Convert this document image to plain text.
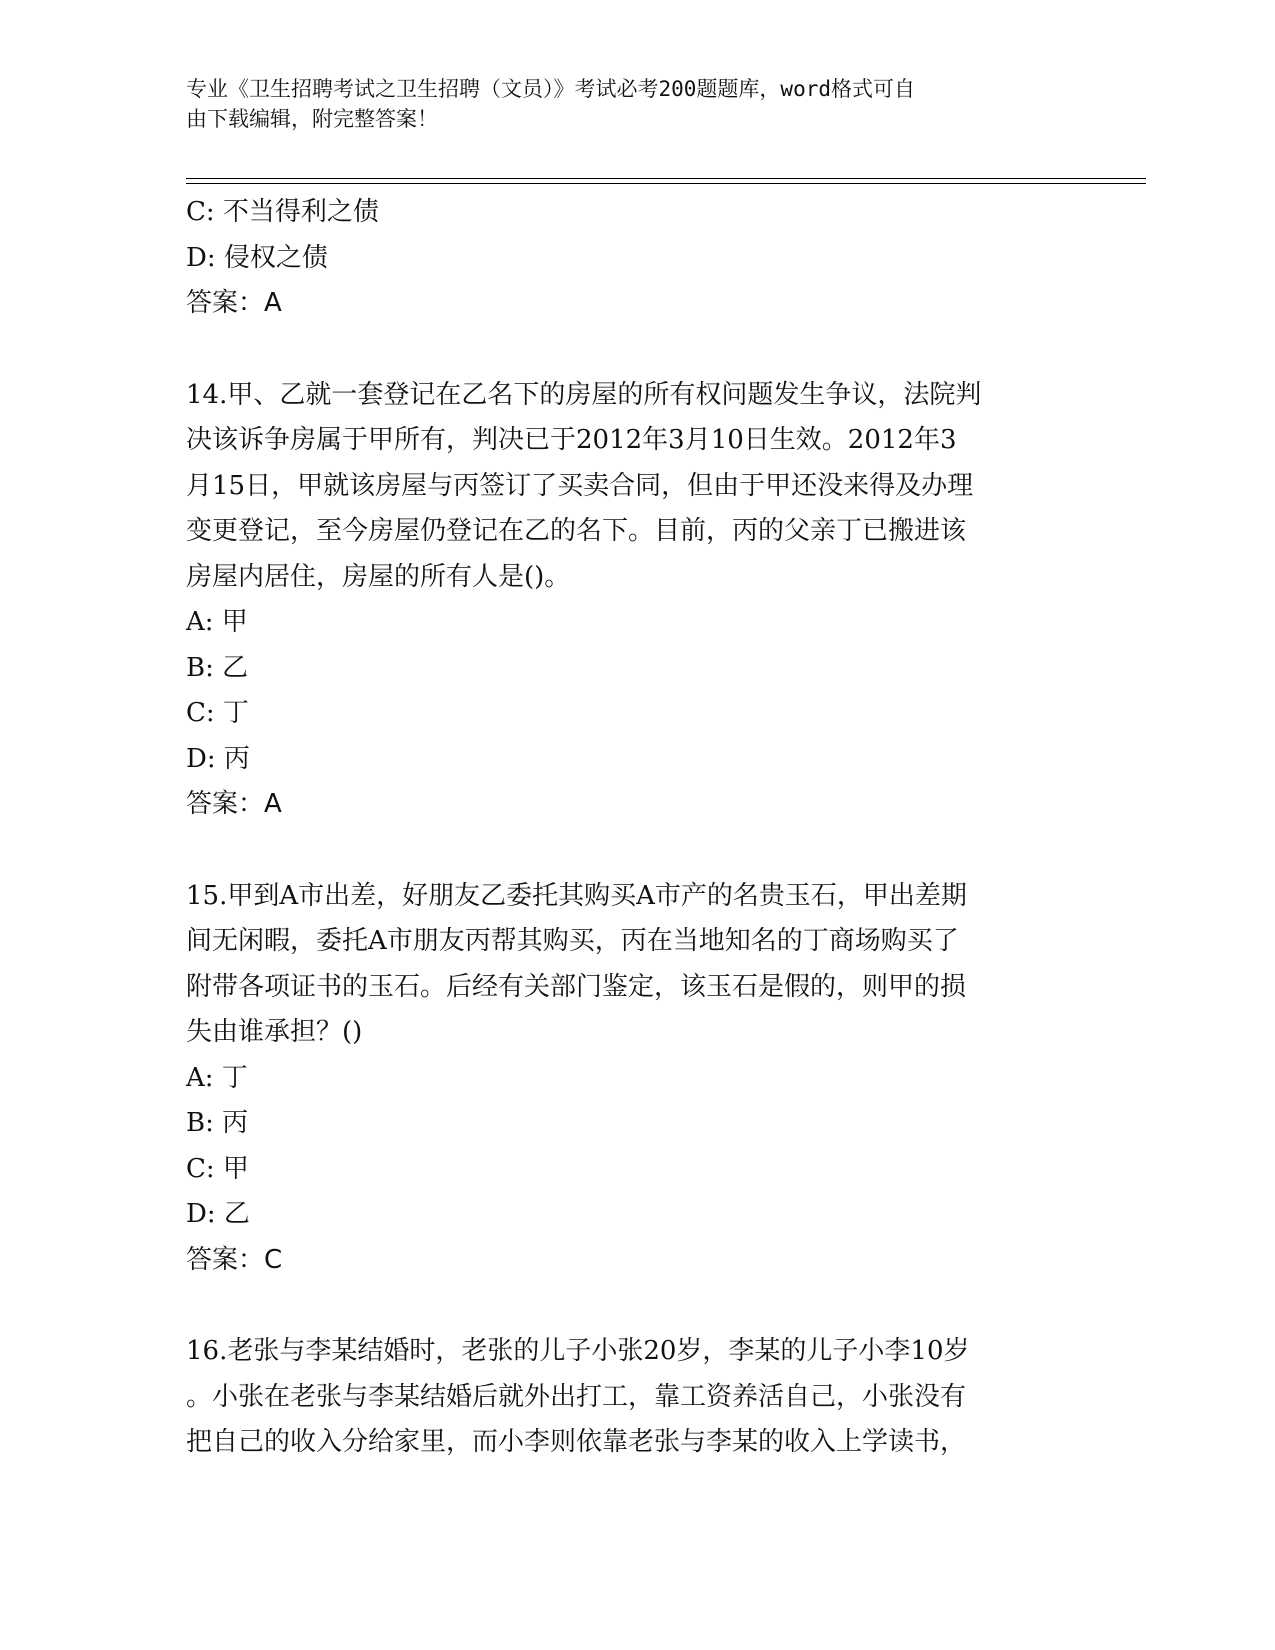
专业《卫生招聘考试之卫生招聘（文员）》考试必考200题题库，word格式可自
由下载编辑，附完整答案！
C: 不当得利之债
D: 侵权之债
答案：A
14.甲、乙就一套登记在乙名下的房屋的所有权问题发生争议，法院判
决该诉争房属于甲所有，判决已于2012年3月10日生效。2012年3
月15日，甲就该房屋与丙签订了买卖合同，但由于甲还没来得及办理
变更登记，至今房屋仍登记在乙的名下。目前，丙的父亲丁已搬进该
房屋内居住，房屋的所有人是()。
A: 甲
B: 乙
C: 丁
D: 丙
答案：A
15.甲到A市出差，好朋友乙委托其购买A市产的名贵玉石，甲出差期
间无闲暇，委托A市朋友丙帮其购买，丙在当地知名的丁商场购买了
附带各项证书的玉石。后经有关部门鉴定，该玉石是假的，则甲的损
失由谁承担？()
A: 丁
B: 丙
C: 甲
D: 乙
答案：C
16.老张与李某结婚时，老张的儿子小张20岁，李某的儿子小李10岁
。小张在老张与李某结婚后就外出打工，靠工资养活自己，小张没有
把自己的收入分给家里，而小李则依靠老张与李某的收入上学读书，
